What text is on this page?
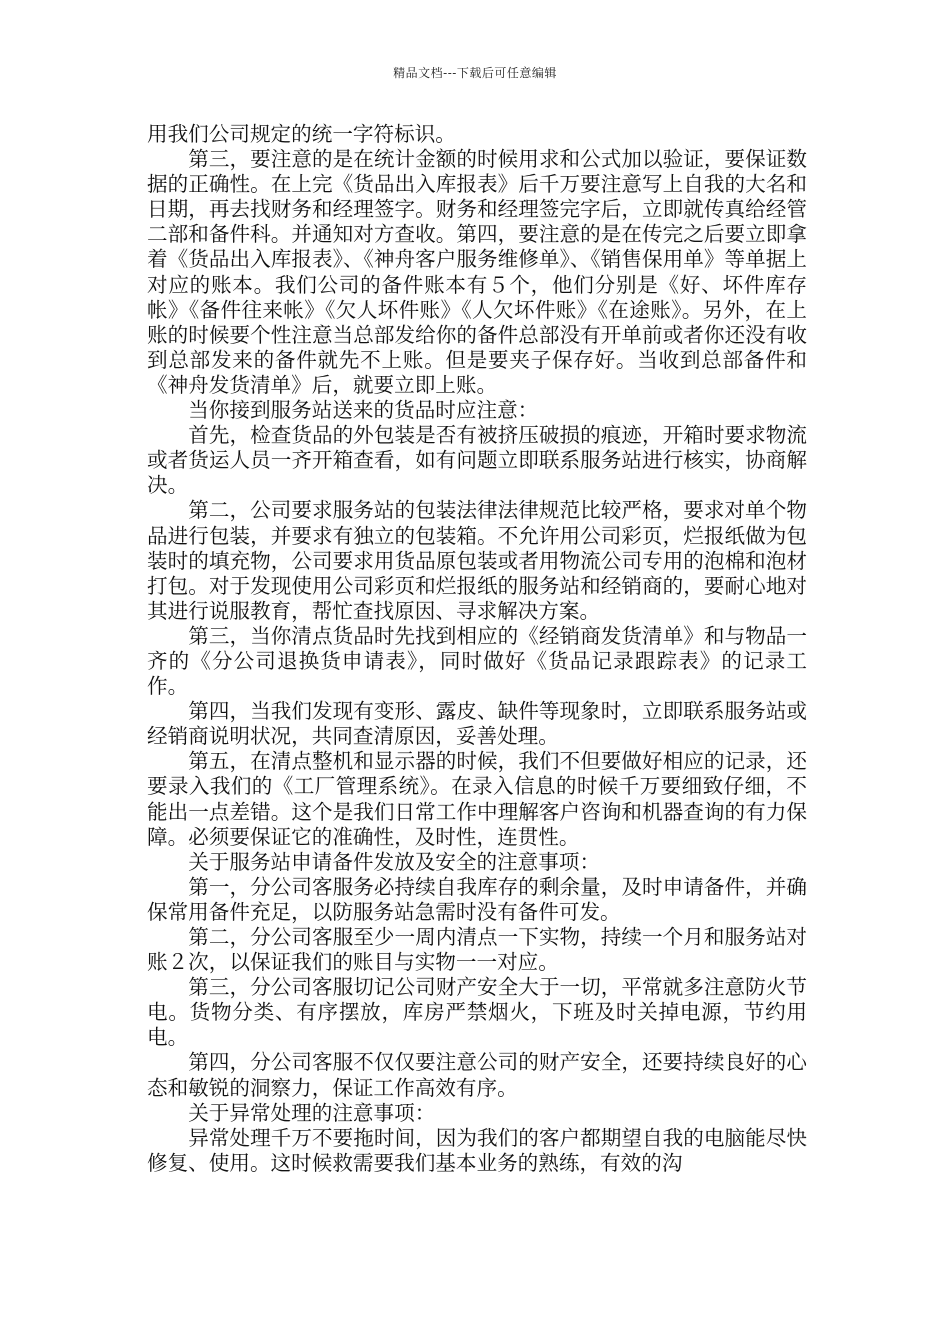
精品文档---下载后可任意编辑

用我们公司规定的统一字符标识。

第三，要注意的是在统计金额的时候用求和公式加以验证，要保证数据的正确性。在上完《货品出入库报表》后千万要注意写上自我的大名和日期，再去找财务和经理签字。财务和经理签完字后，立即就传真给经管二部和备件科。并通知对方查收。第四，要注意的是在传完之后要立即拿着《货品出入库报表》、《神舟客户服务维修单》、《销售保用单》等单据上对应的账本。我们公司的备件账本有５个，他们分别是《好、坏件库存帐》《备件往来帐》《欠人坏件账》《人欠坏件账》《在途账》。另外，在上账的时候要个性注意当总部发给你的备件总部没有开单前或者你还没有收到总部发来的备件就先不上账。但是要夹子保存好。当收到总部备件和《神舟发货清单》后，就要立即上账。

当你接到服务站送来的货品时应注意：

首先，检查货品的外包装是否有被挤压破损的痕迹，开箱时要求物流或者货运人员一齐开箱查看，如有问题立即联系服务站进行核实，协商解决。

第二，公司要求服务站的包装法律法律规范比较严格，要求对单个物品进行包装，并要求有独立的包装箱。不允许用公司彩页，烂报纸做为包装时的填充物，公司要求用货品原包装或者用物流公司专用的泡棉和泡材打包。对于发现使用公司彩页和烂报纸的服务站和经销商的，要耐心地对其进行说服教育，帮忙查找原因、寻求解决方案。

第三，当你清点货品时先找到相应的《经销商发货清单》和与物品一齐的《分公司退换货申请表》，同时做好《货品记录跟踪表》的记录工作。

第四，当我们发现有变形、露皮、缺件等现象时，立即联系服务站或经销商说明状况，共同查清原因，妥善处理。

第五，在清点整机和显示器的时候，我们不但要做好相应的记录，还要录入我们的《工厂管理系统》。在录入信息的时候千万要细致仔细，不能出一点差错。这个是我们日常工作中理解客户咨询和机器查询的有力保障。必须要保证它的准确性，及时性，连贯性。

关于服务站申请备件发放及安全的注意事项：

第一，分公司客服务必持续自我库存的剩余量，及时申请备件，并确保常用备件充足，以防服务站急需时没有备件可发。

第二，分公司客服至少一周内清点一下实物，持续一个月和服务站对账２次，以保证我们的账目与实物一一对应。

第三，分公司客服切记公司财产安全大于一切，平常就多注意防火节电。货物分类、有序摆放，库房严禁烟火，下班及时关掉电源，节约用电。

第四，分公司客服不仅仅要注意公司的财产安全，还要持续良好的心态和敏锐的洞察力，保证工作高效有序。

关于异常处理的注意事项：

异常处理千万不要拖时间，因为我们的客户都期望自我的电脑能尽快修复、使用。这时候救需要我们基本业务的熟练，有效的沟
